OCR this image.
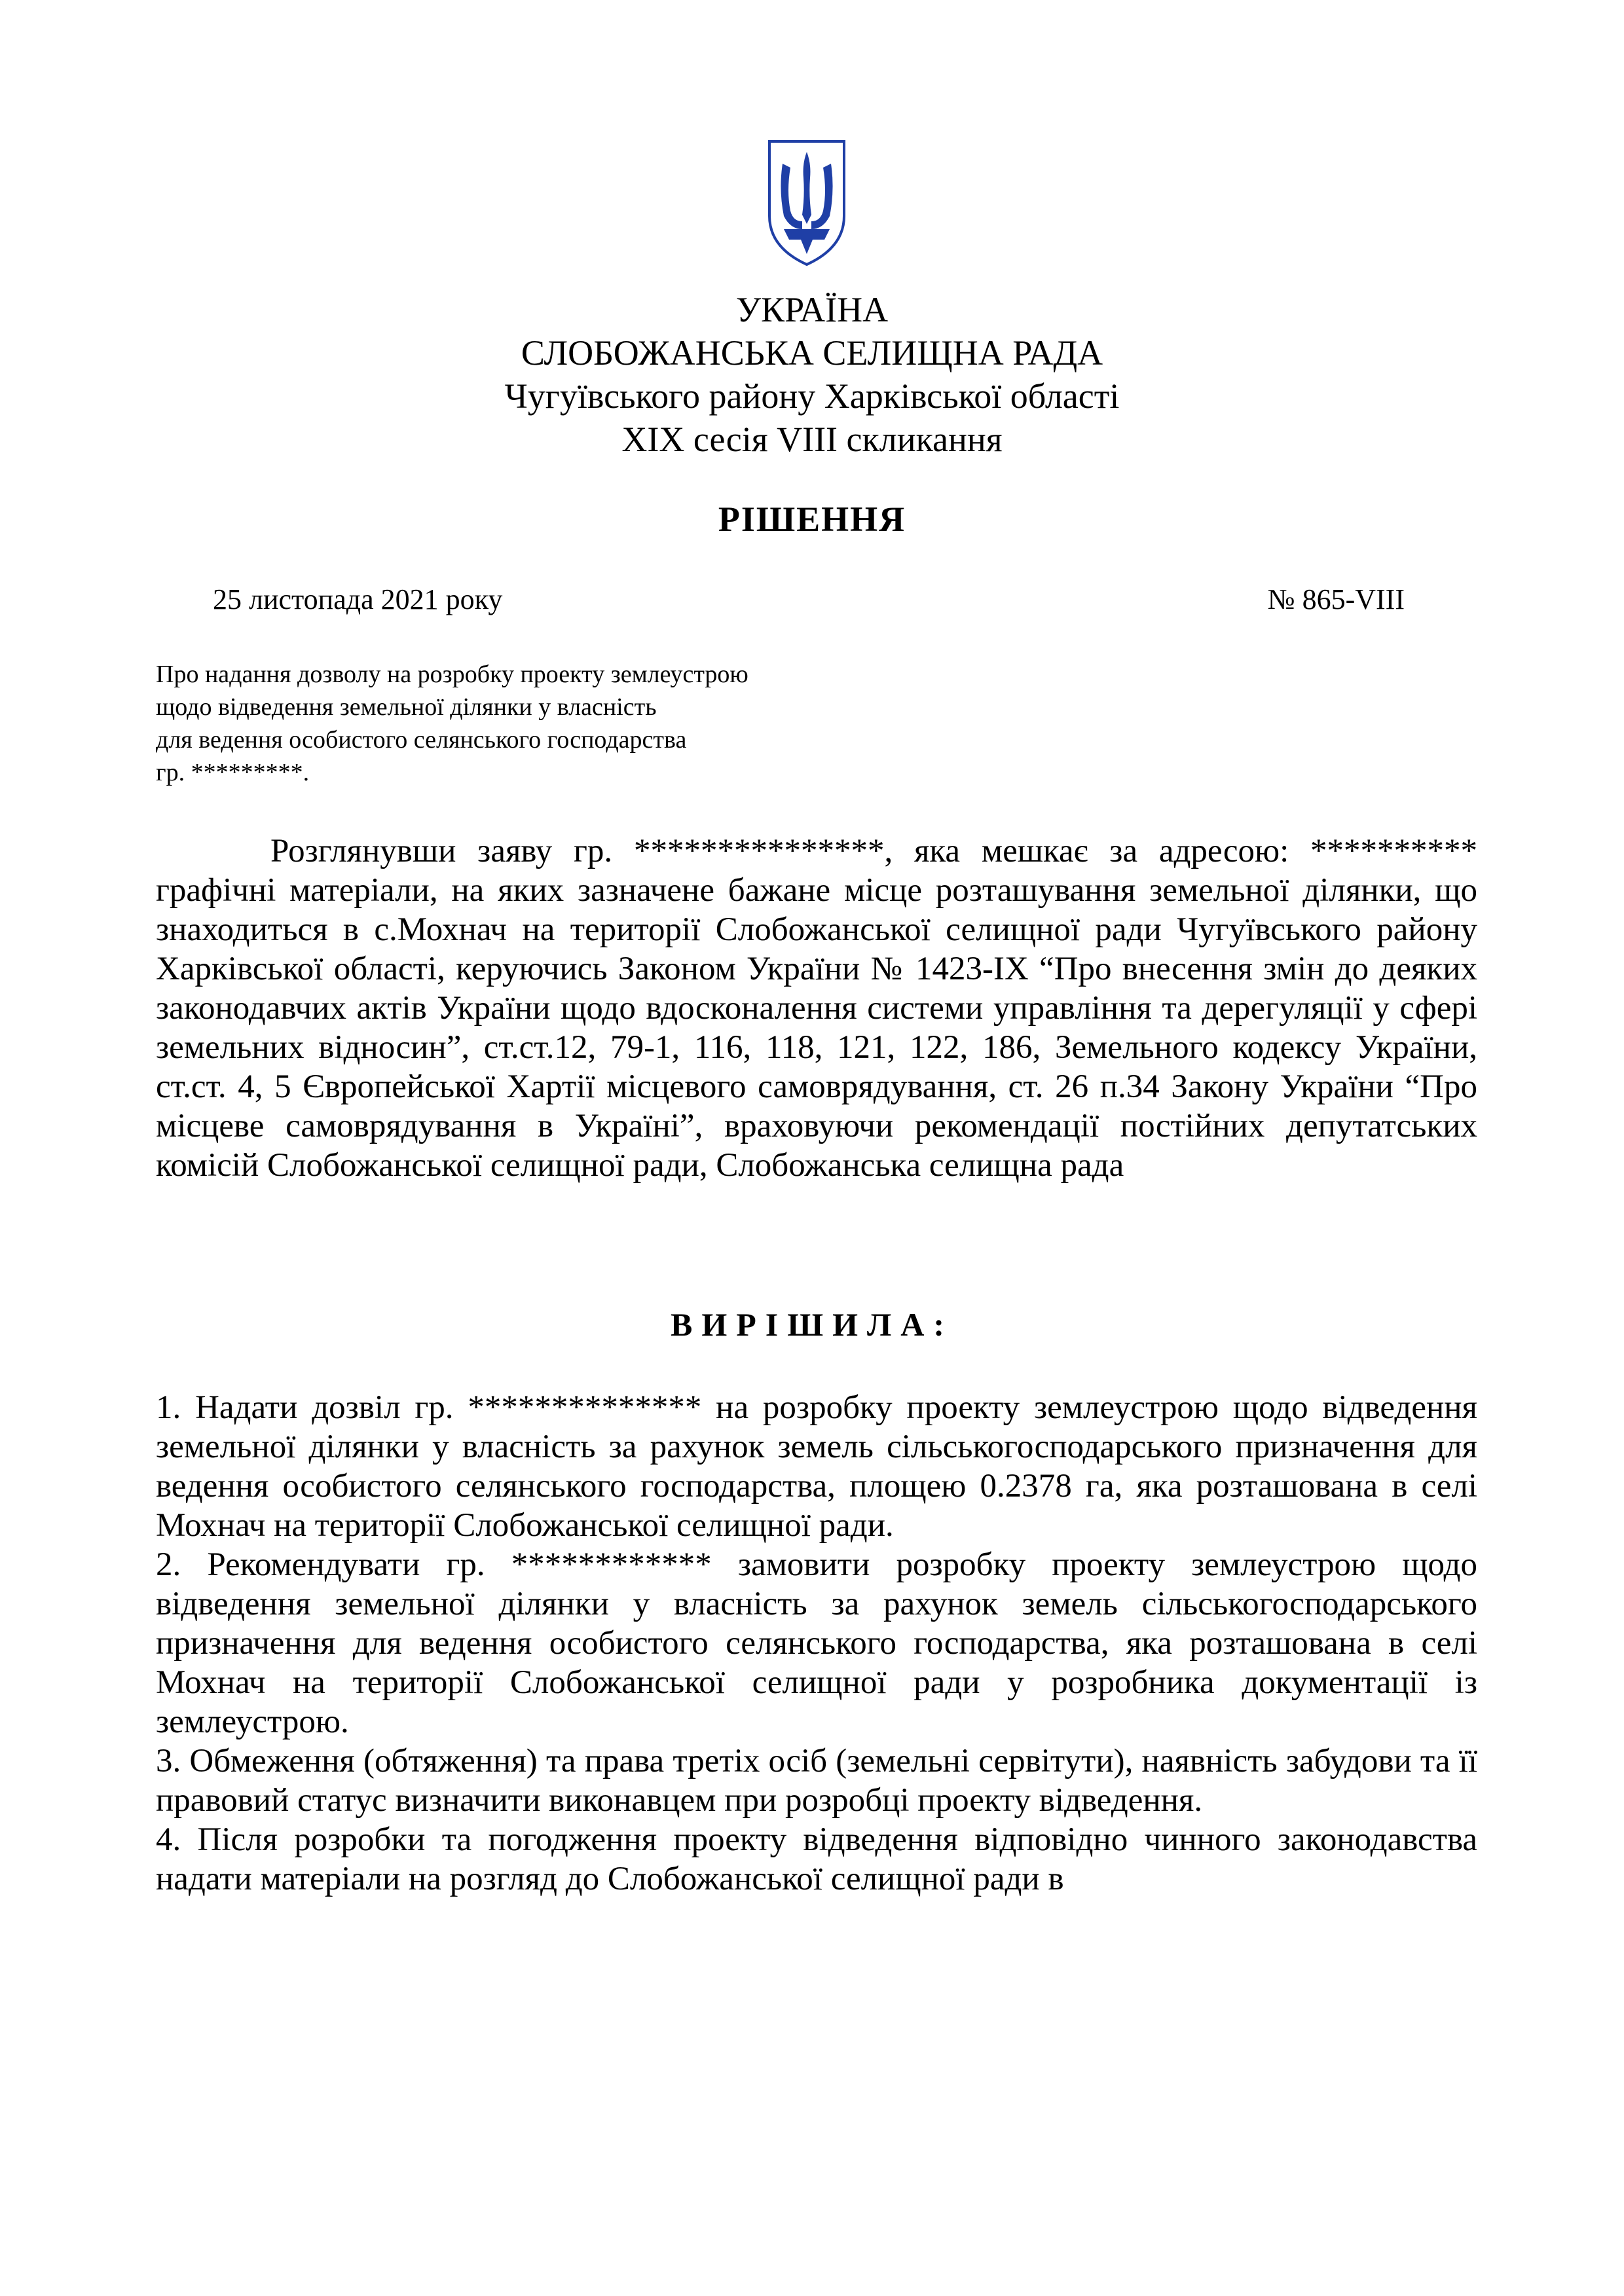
УКРАЇНА
СЛОБОЖАНСЬКА СЕЛИЩНА РАДА
Чугуївського району Харківської області
XIX сесія VIII скликання
РІШЕННЯ
25 листопада 2021 року	№ 865-VIII
Про надання дозволу на розробку проекту землеустрою
щодо відведення земельної ділянки у власність
для ведення особистого селянського господарства
гр. *********.
Розглянувши заяву гр. ***************, яка мешкає за адресою: ********** графічні матеріали, на яких зазначене бажане місце розташування земельної ділянки, що знаходиться в с.Мохнач на території Слобожанської селищної ради Чугуївського району Харківської області, керуючись Законом України № 1423-IX “Про внесення змін до деяких законодавчих актів України щодо вдосконалення системи управління та дерегуляції у сфері земельних відносин”, ст.ст.12, 79-1, 116, 118, 121, 122, 186, Земельного кодексу України, ст.ст. 4, 5 Європейської Хартії місцевого самоврядування, ст. 26 п.34 Закону України “Про місцеве самоврядування в Україні”, враховуючи рекомендації постійних депутатських комісій Слобожанської селищної ради, Слобожанська селищна рада
ВИРІШИЛА:

1. Надати дозвіл гр. ************** на розробку проекту землеустрою щодо відведення земельної ділянки у власність за рахунок земель сільськогосподарського призначення для ведення особистого селянського господарства, площею 0.2378 га, яка розташована в селі Мохнач на території Слобожанської селищної ради.

2. Рекомендувати гр. ************ замовити розробку проекту землеустрою щодо відведення земельної ділянки у власність за рахунок земель сільськогосподарського призначення для ведення особистого селянського господарства, яка розташована в селі Мохнач на території Слобожанської селищної ради у розробника документації із землеустрою.

3. Обмеження (обтяження) та права третіх осіб (земельні сервітути), наявність забудови та її правовий статус визначити виконавцем при розробці проекту відведення.

4. Після розробки та погодження проекту відведення відповідно чинного законодавства надати матеріали на розгляд до Слобожанської селищної ради в
